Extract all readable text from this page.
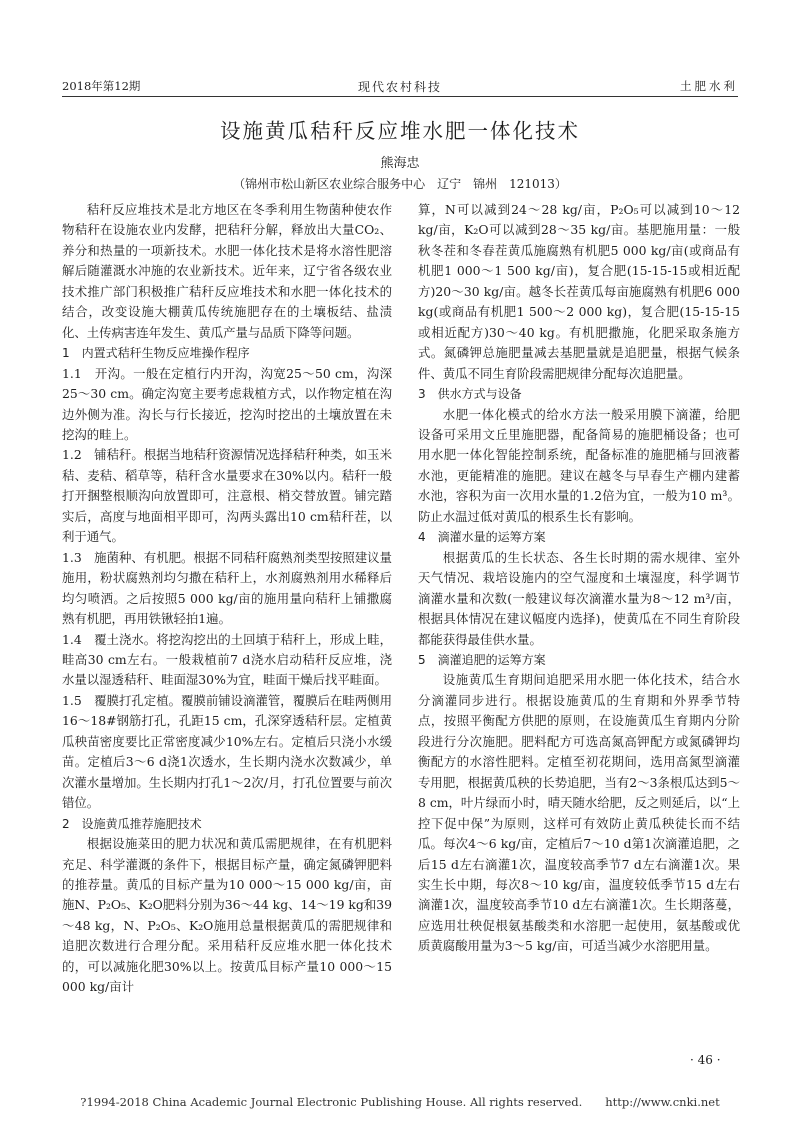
2018年第12期	现代农村科技	土肥水利
设施黄瓜秸秆反应堆水肥一体化技术
熊海忠
（锦州市松山新区农业综合服务中心　辽宁　锦州　121013）

秸秆反应堆技术是北方地区在冬季利用生物菌种使农作物秸秆在设施农业内发酵，把秸秆分解，释放出大量CO₂、养分和热量的一项新技术。水肥一体化技术是将水溶性肥溶解后随灌溉水冲施的农业新技术。近年来，辽宁省各级农业技术推广部门积极推广秸秆反应堆技术和水肥一体化技术的结合，改变设施大棚黄瓜传统施肥存在的土壤板结、盐渍化、土传病害连年发生、黄瓜产量与品质下降等问题。

1　内置式秸秆生物反应堆操作程序

1.1　开沟。一般在定植行内开沟，沟宽25～50 cm，沟深25～30 cm。确定沟宽主要考虑栽植方式，以作物定植在沟边外侧为准。沟长与行长接近，挖沟时挖出的土壤放置在未挖沟的畦上。

1.2　铺秸秆。根据当地秸秆资源情况选择秸秆种类，如玉米秸、麦秸、稻草等，秸秆含水量要求在30%以内。秸秆一般打开捆整根顺沟向放置即可，注意根、梢交替放置。铺完踏实后，高度与地面相平即可，沟两头露出10 cm秸秆茬，以利于通气。

1.3　施菌种、有机肥。根据不同秸秆腐熟剂类型按照建议量施用，粉状腐熟剂均匀撒在秸秆上，水剂腐熟剂用水稀释后均匀喷洒。之后按照5 000 kg/亩的施用量向秸秆上铺撒腐熟有机肥，再用铁锹轻拍1遍。

1.4　覆土浇水。将挖沟挖出的土回填于秸秆上，形成上畦，畦高30 cm左右。一般栽植前7 d浇水启动秸秆反应堆，浇水量以湿透秸秆、畦面湿30%为宜，畦面干燥后找平畦面。

1.5　覆膜打孔定植。覆膜前铺设滴灌管，覆膜后在畦两侧用16～18#钢筋打孔，孔距15 cm，孔深穿透秸秆层。定植黄瓜秧苗密度要比正常密度减少10%左右。定植后只浇小水缓苗。定植后3～6 d浇1次透水，生长期内浇水次数减少，单次灌水量增加。生长期内打孔1～2次/月，打孔位置要与前次错位。

2　设施黄瓜推荐施肥技术

根据设施菜田的肥力状况和黄瓜需肥规律，在有机肥料充足、科学灌溉的条件下，根据目标产量，确定氮磷钾肥料的推荐量。黄瓜的目标产量为10 000～15 000 kg/亩，亩施N、P₂O₅、K₂O肥料分别为36～44 kg、14～19 kg和39～48 kg，N、P₂O₅、K₂O施用总量根据黄瓜的需肥规律和追肥次数进行合理分配。采用秸秆反应堆水肥一体化技术的，可以减施化肥30%以上。按黄瓜目标产量10 000～15 000 kg/亩计

算，N可以减到24～28 kg/亩，P₂O₅可以减到10～12 kg/亩，K₂O可以减到28～35 kg/亩。基肥施用量：一般秋冬茬和冬春茬黄瓜施腐熟有机肥5 000 kg/亩(或商品有机肥1 000～1 500 kg/亩)，复合肥(15-15-15或相近配方)20～30 kg/亩。越冬长茬黄瓜每亩施腐熟有机肥6 000 kg(或商品有机肥1 500～2 000 kg)，复合肥(15-15-15或相近配方)30～40 kg。有机肥撒施，化肥采取条施方式。氮磷钾总施肥量减去基肥量就是追肥量，根据气候条件、黄瓜不同生育阶段需肥规律分配每次追肥量。

3　供水方式与设备

水肥一体化模式的给水方法一般采用膜下滴灌，给肥设备可采用文丘里施肥器，配备简易的施肥桶设备；也可用水肥一体化智能控制系统，配备标准的施肥桶与回液蓄水池，更能精准的施肥。建议在越冬与早春生产棚内建蓄水池，容积为亩一次用水量的1.2倍为宜，一般为10 m³。防止水温过低对黄瓜的根系生长有影响。

4　滴灌水量的运筹方案

根据黄瓜的生长状态、各生长时期的需水规律、室外天气情况、栽培设施内的空气湿度和土壤湿度，科学调节滴灌水量和次数(一般建议每次滴灌水量为8～12 m³/亩，根据具体情况在建议幅度内选择)，使黄瓜在不同生育阶段都能获得最佳供水量。

5　滴灌追肥的运筹方案

设施黄瓜生育期间追肥采用水肥一体化技术，结合水分滴灌同步进行。根据设施黄瓜的生育期和外界季节特点，按照平衡配方供肥的原则，在设施黄瓜生育期内分阶段进行分次施肥。肥料配方可选高氮高钾配方或氮磷钾均衡配方的水溶性肥料。定植至初花期间，选用高氮型滴灌专用肥，根据黄瓜秧的长势追肥，当有2～3条根瓜达到5～8 cm，叶片绿而小时，晴天随水给肥，反之则延后，以“上控下促中保”为原则，这样可有效防止黄瓜秧徒长而不结瓜。每次4～6 kg/亩，定植后7～10 d第1次滴灌追肥，之后15 d左右滴灌1次，温度较高季节7 d左右滴灌1次。果实生长中期，每次8～10 kg/亩，温度较低季节15 d左右滴灌1次，温度较高季节10 d左右滴灌1次。生长期落蔓，应选用壮秧促根氨基酸类和水溶肥一起使用，氨基酸或优质黄腐酸用量为3～5 kg/亩，可适当减少水溶肥用量。

· 46 ·
?1994-2018 China Academic Journal Electronic Publishing House. All rights reserved.　　http://www.cnki.net
